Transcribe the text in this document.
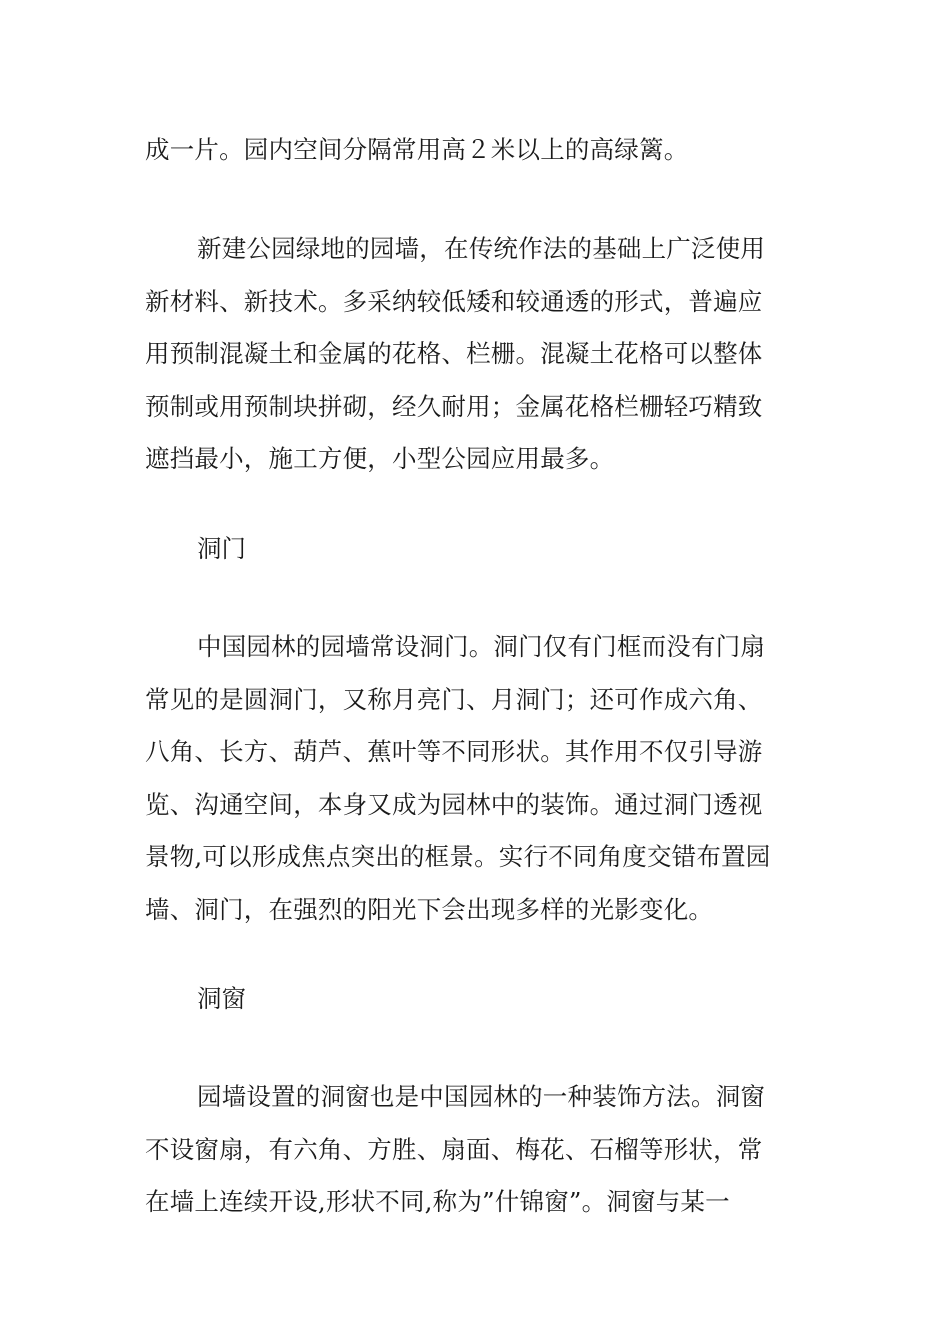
成一片。园内空间分隔常用高２米以上的高绿篱。
新建公园绿地的园墙，在传统作法的基础上广泛使用
新材料、新技术。多采纳较低矮和较通透的形式，普遍应
用预制混凝土和金属的花格、栏栅。混凝土花格可以整体
预制或用预制块拼砌，经久耐用；金属花格栏栅轻巧精致
遮挡最小，施工方便，小型公园应用最多。
洞门
中国园林的园墙常设洞门。洞门仅有门框而没有门扇
常见的是圆洞门，又称月亮门、月洞门；还可作成六角、
八角、长方、葫芦、蕉叶等不同形状。其作用不仅引导游
览、沟通空间，本身又成为园林中的装饰。通过洞门透视
景物,可以形成焦点突出的框景。实行不同角度交错布置园
墙、洞门，在强烈的阳光下会出现多样的光影变化。
洞窗
园墙设置的洞窗也是中国园林的一种装饰方法。洞窗
不设窗扇，有六角、方胜、扇面、梅花、石榴等形状，常
在墙上连续开设,形状不同,称为”什锦窗”。洞窗与某一
